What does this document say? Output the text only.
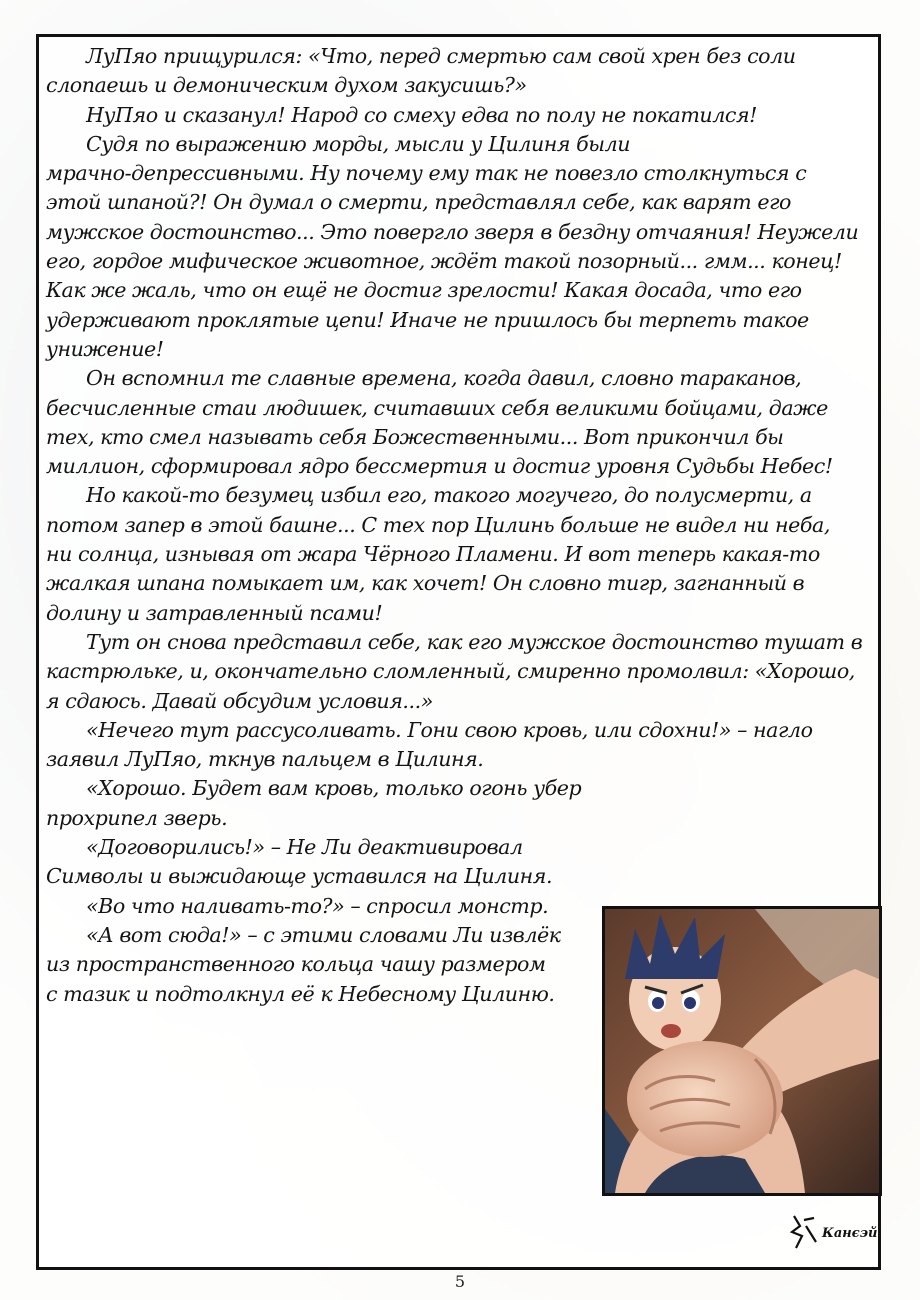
ЛуПяо прищурился: «Что, перед смертью сам свой хрен без соли
слопаешь и демоническим духом закусишь?»
НуПяо и сказанул! Народ со смеху едва по полу не покатился!
Судя по выражению морды, мысли у Цилиня были
мрачно-депрессивными. Ну почему ему так не повезло столкнуться с
этой шпаной?! Он думал о смерти, представлял себе, как варят его
мужское достоинство... Это повергло зверя в бездну отчаяния! Неужели
его, гордое мифическое животное, ждёт такой позорный... гмм... конец!
Как же жаль, что он ещё не достиг зрелости! Какая досада, что его
удерживают проклятые цепи! Иначе не пришлось бы терпеть такое
унижение!
Он вспомнил те славные времена, когда давил, словно тараканов,
бесчисленные стаи людишек, считавших себя великими бойцами, даже
тех, кто смел называть себя Божественными... Вот прикончил бы
миллион, сформировал ядро бессмертия и достиг уровня Судьбы Небес!
Но какой-то безумец избил его, такого могучего, до полусмерти, а
потом запер в этой башне... С тех пор Цилинь больше не видел ни неба,
ни солнца, изнывая от жара Чёрного Пламени. И вот теперь какая-то
жалкая шпана помыкает им, как хочет! Он словно тигр, загнанный в
долину и затравленный псами!
Тут он снова представил себе, как его мужское достоинство тушат в
кастрюльке, и, окончательно сломленный, смиренно промолвил: «Хорошо,
я сдаюсь. Давай обсудим условия...»
«Нечего тут рассусоливать. Гони свою кровь, или сдохни!» – нагло
заявил ЛуПяо, ткнув пальцем в Цилиня.
«Хорошо. Будет вам кровь, только огонь убер
прохрипел зверь.
«Договорились!» – Не Ли деактивировал
Символы и выжидающе уставился на Цилиня.
«Во что наливать-то?» – спросил монстр.
«А вот сюда!» – с этими словами Ли извлёк
из пространственного кольца чашу размером
с тазик и подтолкнул её к Небесному Цилиню.
Канєэй
5
